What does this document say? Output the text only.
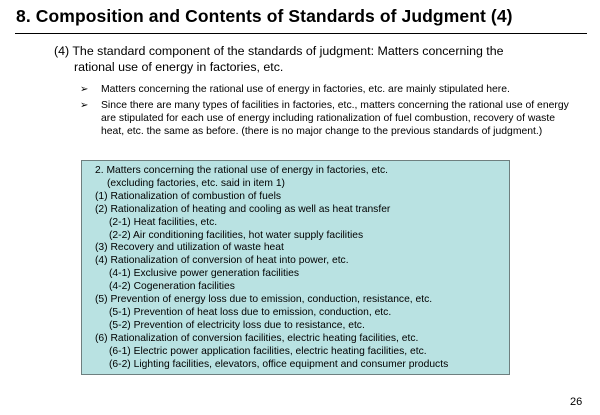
8. Composition and Contents of Standards of Judgment (4)
(4) The standard component of the standards of judgment: Matters concerning the
rational use of energy in factories, etc.
➢ Matters concerning the rational use of energy in factories, etc. are mainly stipulated here.
➢ Since there are many types of facilities in factories, etc., matters concerning the rational use of energy are stipulated for each use of energy including rationalization of fuel combustion, recovery of waste heat, etc. the same as before. (there is no major change to the previous standards of judgment.)
2. Matters concerning the rational use of energy in factories, etc.
(excluding factories, etc. said in item 1)
(1) Rationalization of combustion of fuels
(2) Rationalization of heating and cooling as well as heat transfer
(2-1) Heat facilities, etc.
(2-2) Air conditioning facilities, hot water supply facilities
(3) Recovery and utilization of waste heat
(4) Rationalization of conversion of heat into power, etc.
(4-1) Exclusive power generation facilities
(4-2) Cogeneration facilities
(5) Prevention of energy loss due to emission, conduction, resistance, etc.
(5-1) Prevention of heat loss due to emission, conduction, etc.
(5-2) Prevention of electricity loss due to resistance, etc.
(6) Rationalization of conversion facilities, electric heating facilities, etc.
(6-1) Electric power application facilities, electric heating facilities, etc.
(6-2) Lighting facilities, elevators, office equipment and consumer products
26
